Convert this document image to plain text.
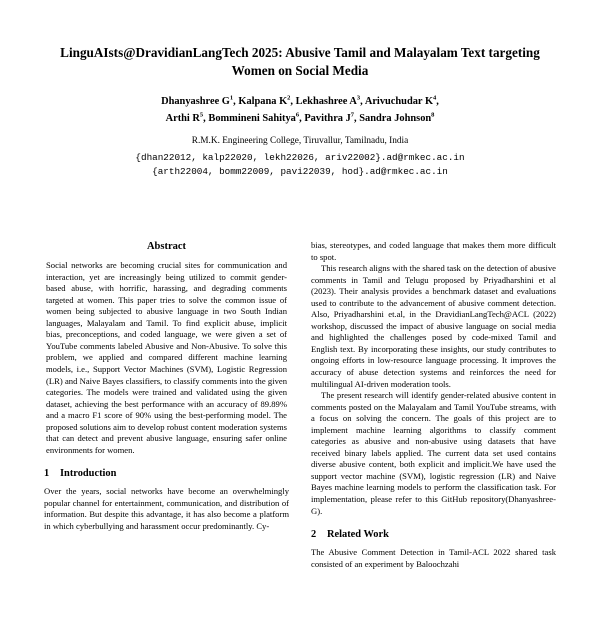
LinguAIsts@DravidianLangTech 2025: Abusive Tamil and Malayalam Text targeting Women on Social Media
Dhanyashree $G^1$, Kalpana $K^2$, Lekhashree $A^3$, Arivuchudar $K^4$,
Arthi $R^5$, Bommineni Sahitya$^6$, Pavithra $J^7$, Sandra Johnson$^8$
R.M.K. Engineering College, Tiruvallur, Tamilnadu, India
{dhan22012, kalp22020, lekh22026, ariv22002}.ad@rmkec.ac.in
{arth22004, bomm22009, pavi22039, hod}.ad@rmkec.ac.in
Abstract

Social networks are becoming crucial sites for communication and interaction, yet are increasingly being utilized to commit gender-based abuse, with horrific, harassing, and degrading comments targeted at women. This paper tries to solve the common issue of women being subjected to abusive language in two South Indian languages, Malayalam and Tamil. To find explicit abuse, implicit bias, preconceptions, and coded language, we were given a set of YouTube comments labeled Abusive and Non-Abusive. To solve this problem, we applied and compared different machine learning models, i.e., Support Vector Machines (SVM), Logistic Regression (LR) and Naive Bayes classifiers, to classify comments into the given categories. The models were trained and validated using the given dataset, achieving the best performance with an accuracy of 89.89% and a macro F1 score of 90% using the best-performing model. The proposed solutions aim to develop robust content moderation systems that can detect and prevent abusive language, ensuring safer online environments for women.

1	Introduction

Over the years, social networks have become an overwhelmingly popular channel for entertainment, communication, and distribution of information. But despite this advantage, it has also become a platform in which cyberbullying and harassment occur predominantly. Cy-

bias, stereotypes, and coded language that makes them more difficult to spot.

This research aligns with the shared task on the detection of abusive comments in Tamil and Telugu proposed by Priyadharshini et al (2023). Their analysis provides a benchmark dataset and evaluations used to contribute to the advancement of abusive comment detection. Also, Priyadharshini et.al, in the DravidianLangTech@ACL (2022) workshop, discussed the impact of abusive language on social media and highlighted the challenges posed by code-mixed Tamil and English text. By incorporating these insights, our study contributes to ongoing efforts in low-resource language processing. It improves the accuracy of abuse detection systems and reinforces the need for multilingual AI-driven moderation tools.

The present research will identify gender-related abusive content in comments posted on the Malayalam and Tamil YouTube streams, with a focus on solving the concern. The goals of this project are to implement machine learning algorithms to classify comment categories as abusive and non-abusive using datasets that have received binary labels applied. The current data set used contains diverse abusive content, both explicit and implicit.We have used the support vector machine (SVM), logistic regression (LR) and Naive Bayes machine learning models to perform the classification task. For implementation, please refer to this GitHub repository(Dhanyashree-G).

2	Related Work

The Abusive Comment Detection in Tamil-ACL 2022 shared task consisted of an experiment by Baloochzahi
